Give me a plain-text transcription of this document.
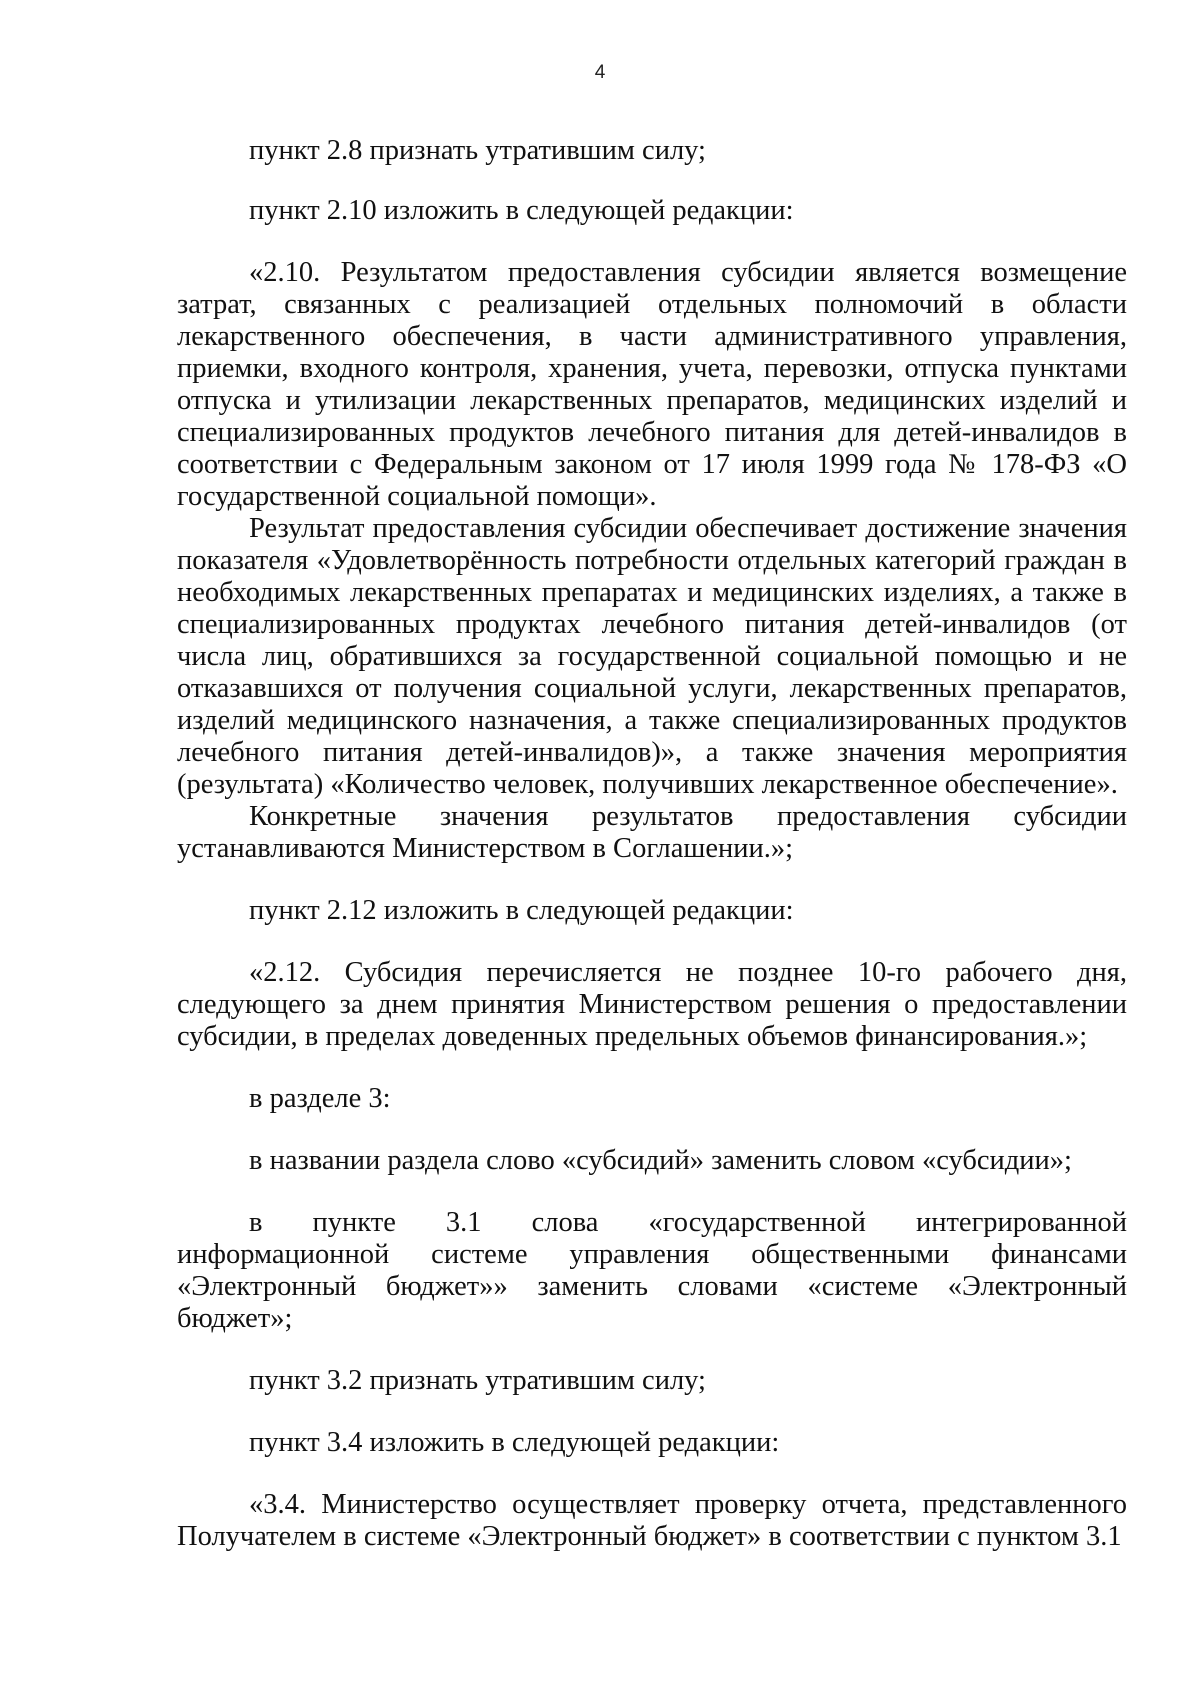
4

пункт 2.8 признать утратившим силу;

пункт 2.10 изложить в следующей редакции:

«2.10. Результатом предоставления субсидии является возмещение затрат, связанных с реализацией отдельных полномочий в области лекарственного обеспечения, в части административного управления, приемки, входного контроля, хранения, учета, перевозки, отпуска пунктами отпуска и утилизации лекарственных препаратов, медицинских изделий и специализированных продуктов лечебного питания для детей-инвалидов в соответствии с Федеральным законом от 17 июля 1999 года № 178-ФЗ «О государственной социальной помощи».

Результат предоставления субсидии обеспечивает достижение значения показателя «Удовлетворённость потребности отдельных категорий граждан в необходимых лекарственных препаратах и медицинских изделиях, а также в специализированных продуктах лечебного питания детей-инвалидов (от числа лиц, обратившихся за государственной социальной помощью и не отказавшихся от получения социальной услуги, лекарственных препаратов, изделий медицинского назначения, а также специализированных продуктов лечебного питания детей-инвалидов)», а также значения мероприятия (результата) «Количество человек, получивших лекарственное обеспечение».

Конкретные значения результатов предоставления субсидии устанавливаются Министерством в Соглашении.»;

пункт 2.12 изложить в следующей редакции:

«2.12. Субсидия перечисляется не позднее 10-го рабочего дня, следующего за днем принятия Министерством решения о предоставлении субсидии, в пределах доведенных предельных объемов финансирования.»;

в разделе 3:

в названии раздела слово «субсидий» заменить словом «субсидии»;

в пункте 3.1 слова «государственной интегрированной информационной системе управления общественными финансами «Электронный бюджет»» заменить словами «системе «Электронный бюджет»;

пункт 3.2 признать утратившим силу;

пункт 3.4 изложить в следующей редакции:

«3.4. Министерство осуществляет проверку отчета, представленного Получателем в системе «Электронный бюджет» в соответствии с пунктом 3.1
